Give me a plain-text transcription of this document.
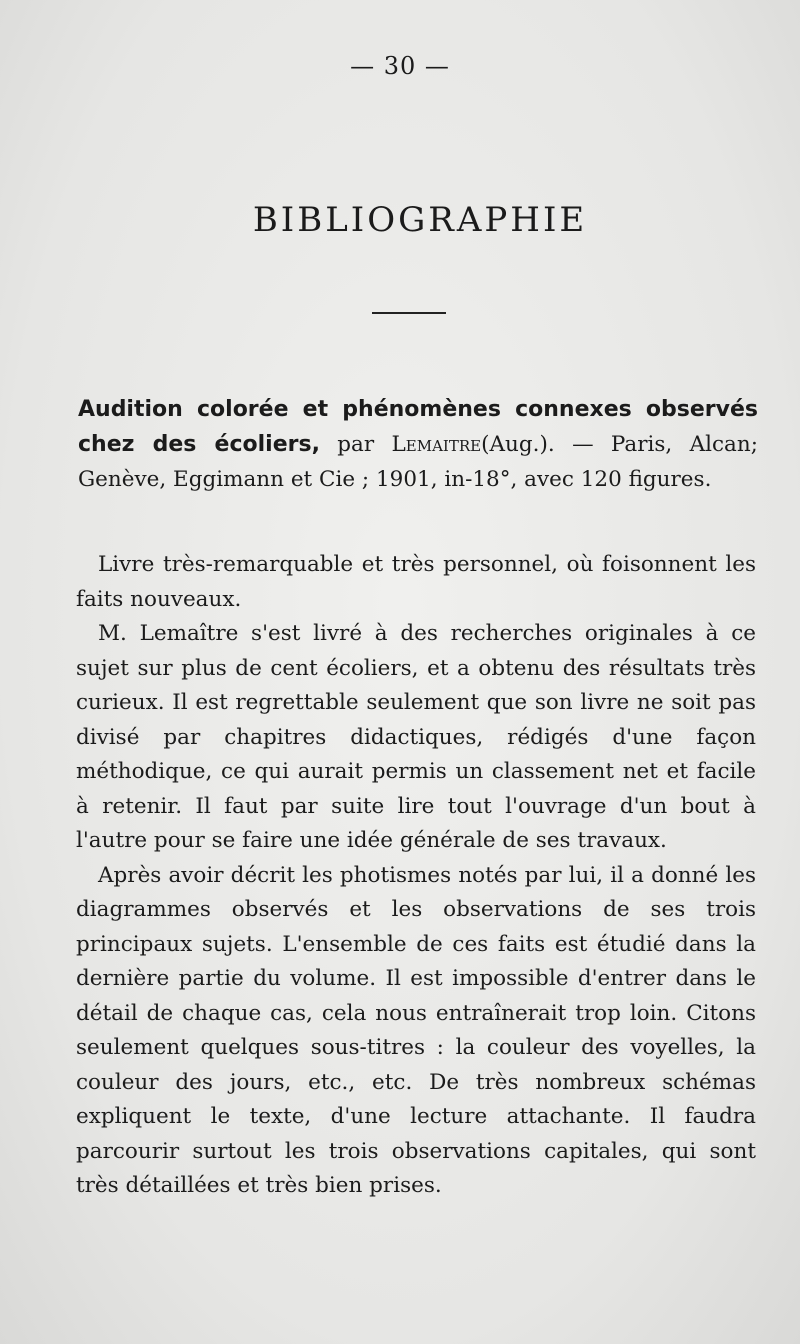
— 30 —
BIBLIOGRAPHIE
Audition colorée et phénomènes connexes observés chez des écoliers, par Lemaitre(Aug.). — Paris, Alcan; Genève, Eggimann et Cie ; 1901, in-18°, avec 120 figures.

Livre très-remarquable et très personnel, où foisonnent les faits nouveaux.

M. Lemaître s'est livré à des recherches originales à ce sujet sur plus de cent écoliers, et a obtenu des résultats très curieux. Il est regrettable seulement que son livre ne soit pas divisé par chapitres didactiques, rédigés d'une façon méthodique, ce qui aurait permis un classement net et facile à retenir. Il faut par suite lire tout l'ouvrage d'un bout à l'autre pour se faire une idée générale de ses travaux.

Après avoir décrit les photismes notés par lui, il a donné les diagrammes observés et les observations de ses trois principaux sujets. L'ensemble de ces faits est étudié dans la dernière partie du volume. Il est impossible d'entrer dans le détail de chaque cas, cela nous entraînerait trop loin. Citons seulement quelques sous-titres : la couleur des voyelles, la couleur des jours, etc., etc. De très nombreux schémas expliquent le texte, d'une lecture attachante. Il faudra parcourir surtout les trois observations capitales, qui sont très détaillées et très bien prises.
